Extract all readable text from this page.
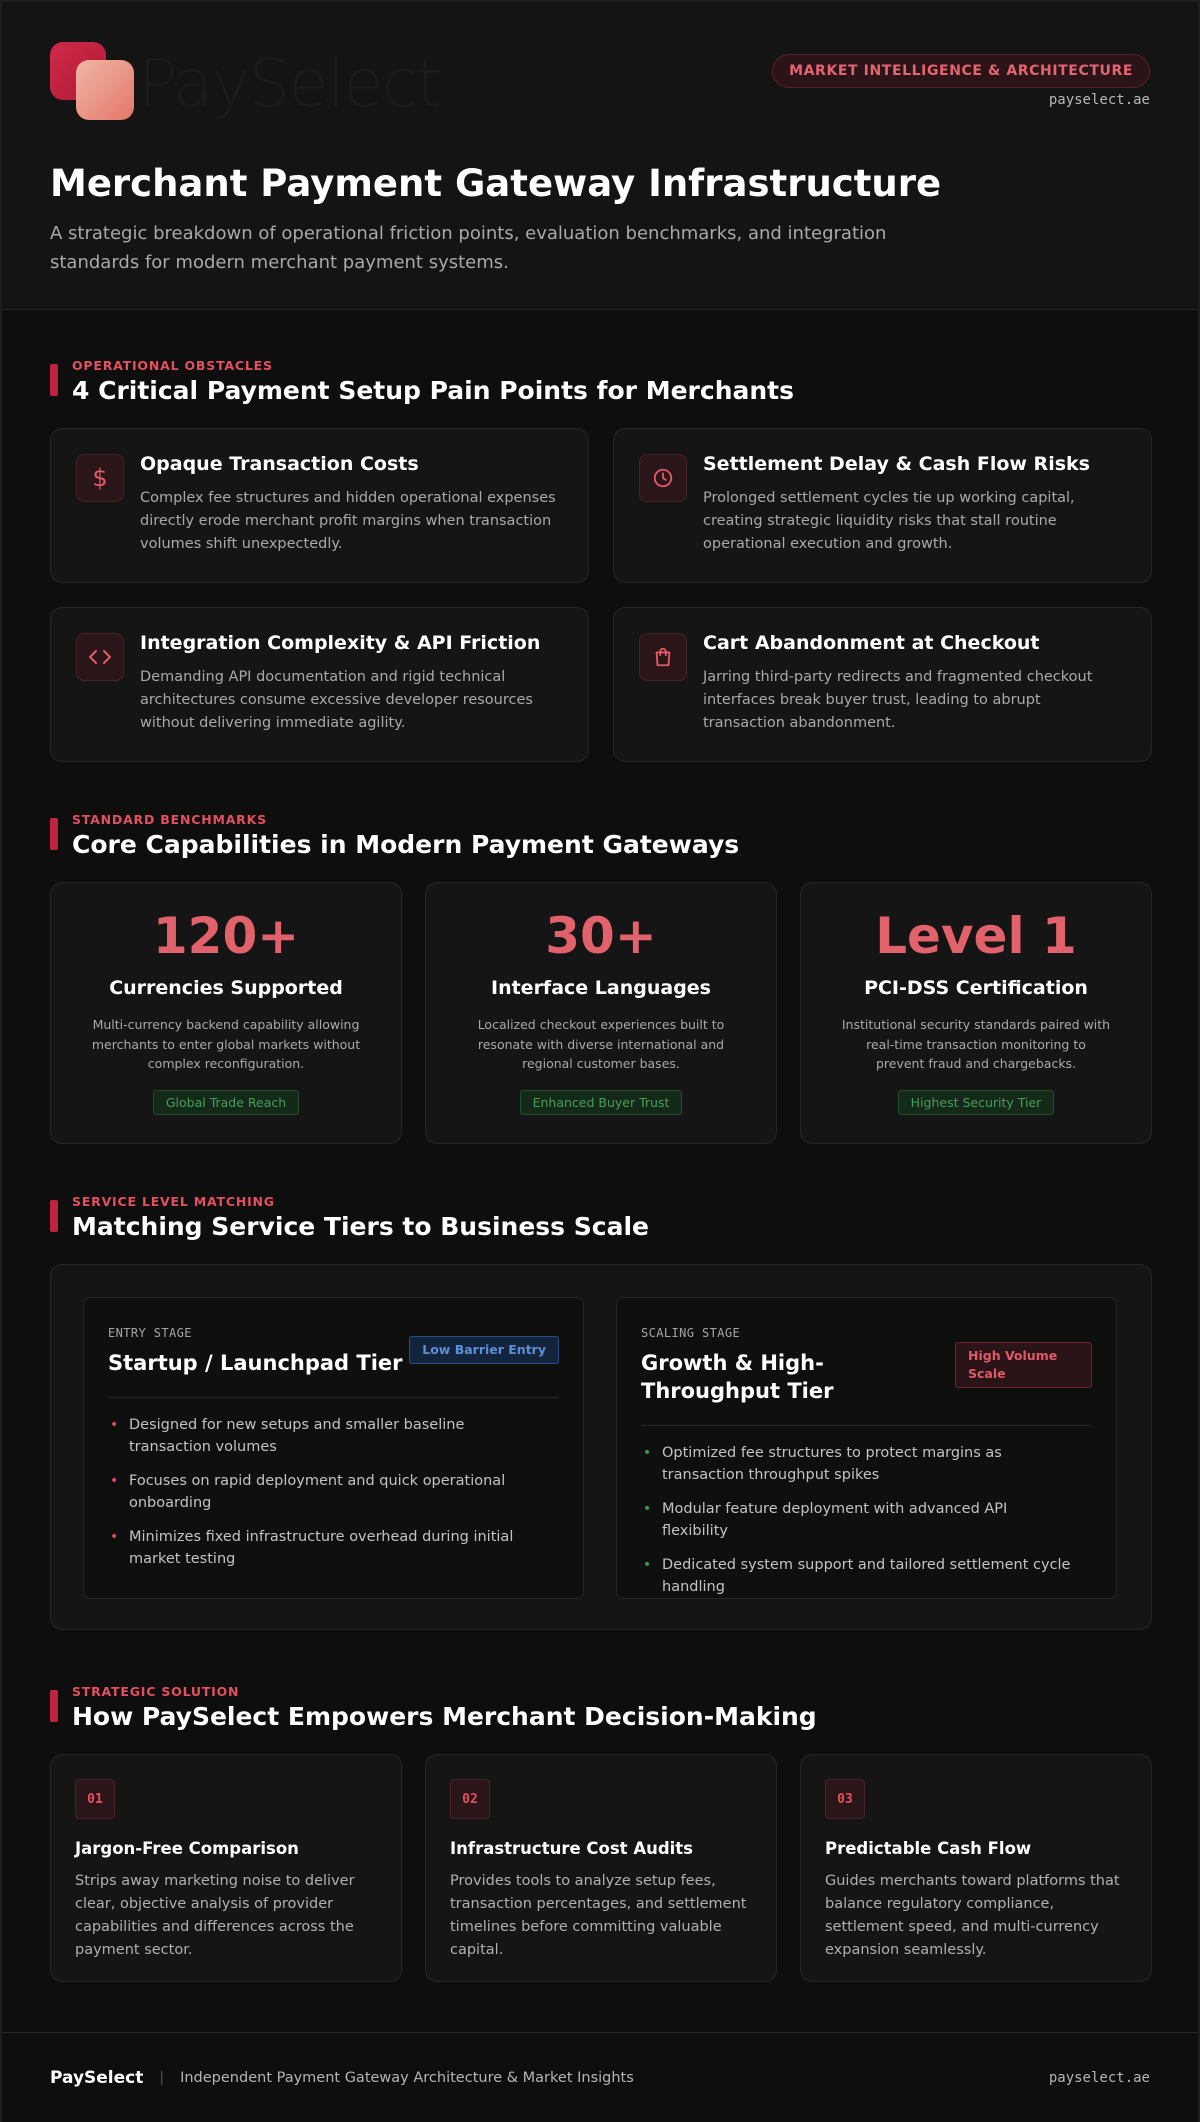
PaySelect	MARKET INTELLIGENCE & ARCHITECTURE
payselect.ae
Merchant Payment Gateway Infrastructure

A strategic breakdown of operational friction points, evaluation benchmarks, and integration standards for modern merchant payment systems.

OPERATIONAL OBSTACLES
4 Critical Payment Setup Pain Points for Merchants
$	Opaque Transaction Costs
Complex fee structures and hidden operational expenses directly erode merchant profit margins when transaction volumes shift unexpectedly.
Settlement Delay & Cash Flow Risks
Prolonged settlement cycles tie up working capital, creating strategic liquidity risks that stall routine operational execution and growth.
Integration Complexity & API Friction
Demanding API documentation and rigid technical architectures consume excessive developer resources without delivering immediate agility.
Cart Abandonment at Checkout
Jarring third-party redirects and fragmented checkout interfaces break buyer trust, leading to abrupt transaction abandonment.
STANDARD BENCHMARKS
Core Capabilities in Modern Payment Gateways
120+
Currencies Supported
Multi-currency backend capability allowing merchants to enter global markets without complex reconfiguration.
Global Trade Reach
30+
Interface Languages
Localized checkout experiences built to resonate with diverse international and regional customer bases.
Enhanced Buyer Trust
Level 1
PCI-DSS Certification
Institutional security standards paired with real-time transaction monitoring to prevent fraud and chargebacks.
Highest Security Tier
SERVICE LEVEL MATCHING
Matching Service Tiers to Business Scale
ENTRY STAGE
Startup / Launchpad Tier
Low Barrier Entry
• Designed for new setups and smaller baseline transaction volumes
• Focuses on rapid deployment and quick operational onboarding
• Minimizes fixed infrastructure overhead during initial market testing
SCALING STAGE
Growth & High-Throughput Tier
High Volume Scale
• Optimized fee structures to protect margins as transaction throughput spikes
• Modular feature deployment with advanced API flexibility
• Dedicated system support and tailored settlement cycle handling
STRATEGIC SOLUTION
How PaySelect Empowers Merchant Decision-Making
01
Jargon-Free Comparison
Strips away marketing noise to deliver clear, objective analysis of provider capabilities and differences across the payment sector.
02
Infrastructure Cost Audits
Provides tools to analyze setup fees, transaction percentages, and settlement timelines before committing valuable capital.
03
Predictable Cash Flow
Guides merchants toward platforms that balance regulatory compliance, settlement speed, and multi-currency expansion seamlessly.
PaySelect | Independent Payment Gateway Architecture & Market Insights	payselect.ae
